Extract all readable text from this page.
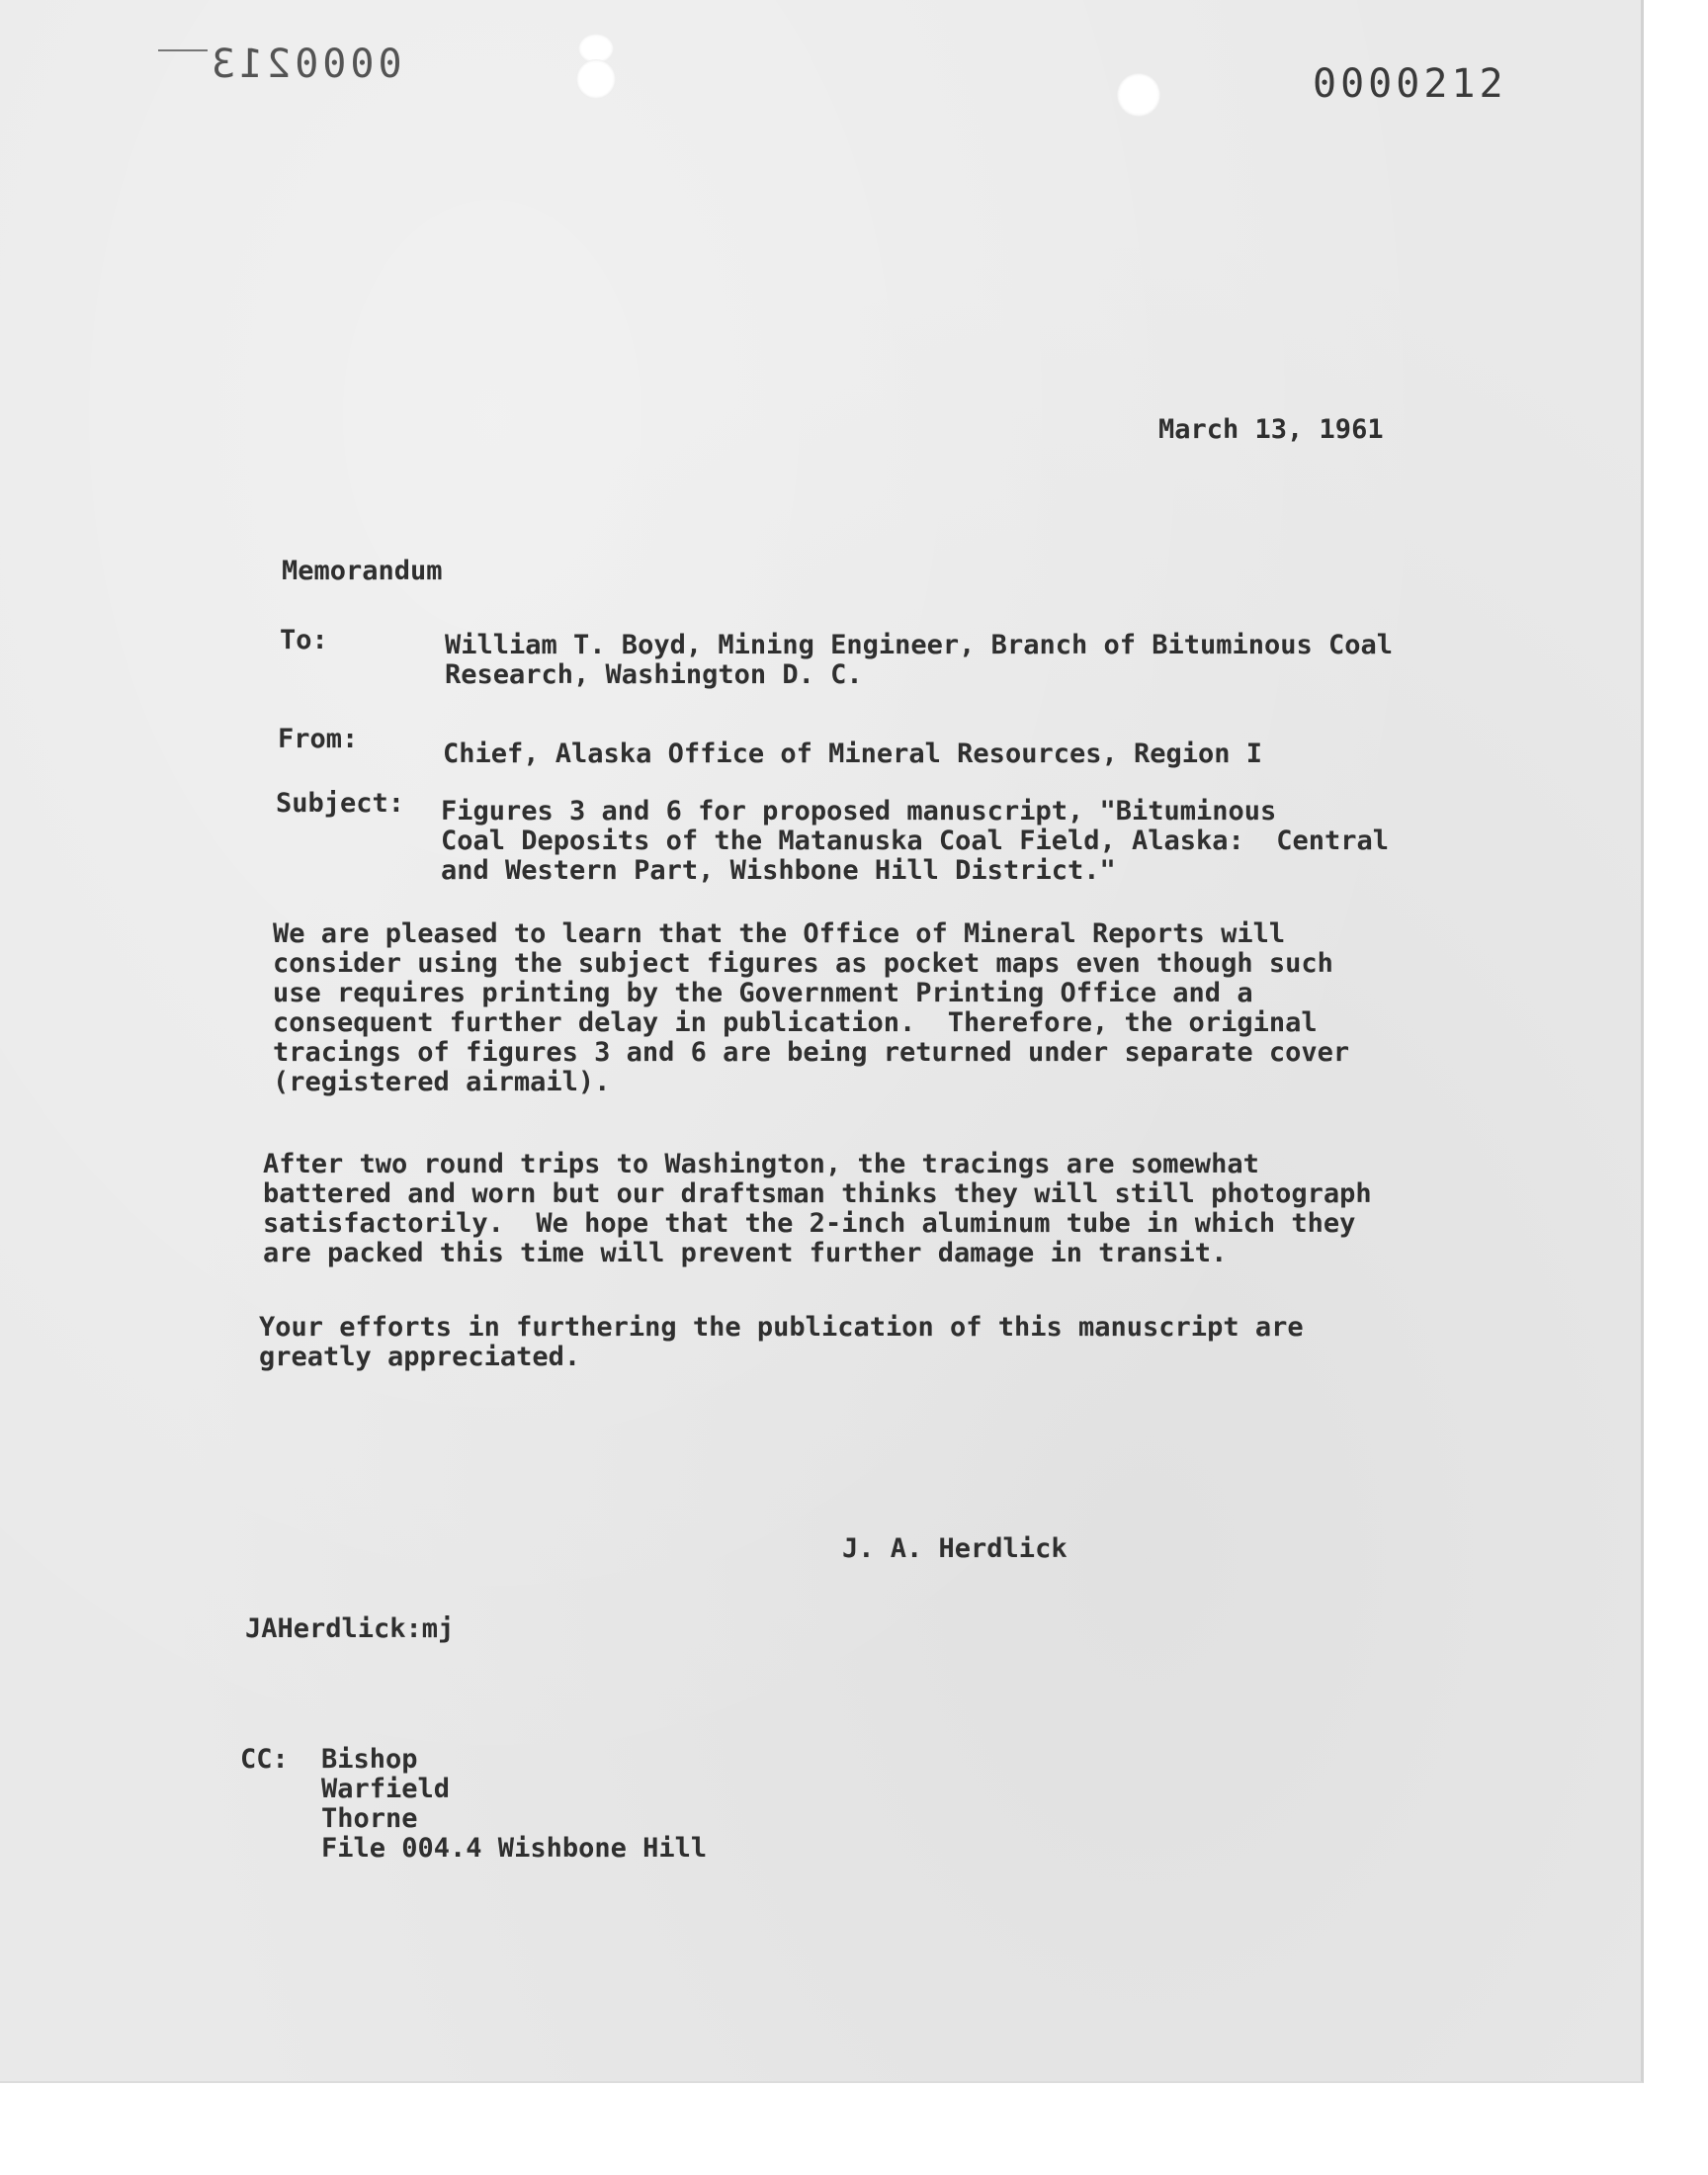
0000213	0000212
March 13, 1961
Memorandum
To:	William T. Boyd, Mining Engineer, Branch of Bituminous Coal
Research, Washington D. C.
From:	Chief, Alaska Office of Mineral Resources, Region I
Subject: Figures 3 and 6 for proposed manuscript, "Bituminous
Coal Deposits of the Matanuska Coal Field, Alaska:  Central
and Western Part, Wishbone Hill District."
We are pleased to learn that the Office of Mineral Reports will
consider using the subject figures as pocket maps even though such
use requires printing by the Government Printing Office and a
consequent further delay in publication.  Therefore, the original
tracings of figures 3 and 6 are being returned under separate cover
(registered airmail).
After two round trips to Washington, the tracings are somewhat
battered and worn but our draftsman thinks they will still photograph
satisfactorily.  We hope that the 2-inch aluminum tube in which they
are packed this time will prevent further damage in transit.
Your efforts in furthering the publication of this manuscript are
greatly appreciated.
J. A. Herdlick
JAHerdlick:mj
CC: Bishop
Warfield
Thorne
File 004.4 Wishbone Hill
